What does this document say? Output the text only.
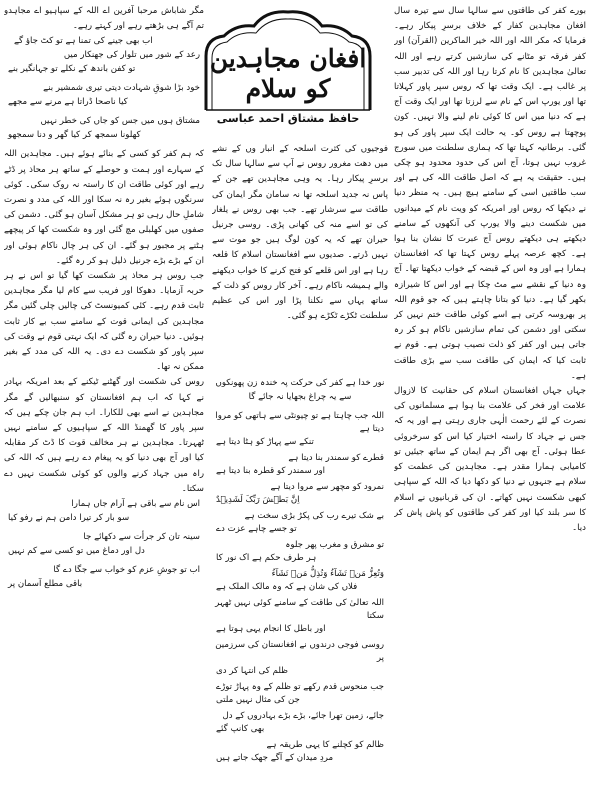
بورے کفر کی طاقتوں سے سالہا سال سے تیرہ سال افغان مجاہدین کفار کے خلاف برسرِ پیکار رہے۔ فرمایا کہ مکر اللہ اور اللہ خیر الماکرین (القرآن) اور کفر فرقہ تو مٹانے کی سازشیں کرتے رہے اور اللہ تعالیٰ مجاہدین کا نام کرتا رہا اور اللہ کی تدبیر سب پر غالب ہے۔ ایک وقت تھا کہ روس سپر پاور کہلاتا تھا اور یورپ اس کے نام سے لرزتا تھا اور ایک وقت آج ہے کہ دنیا میں اس کا کوئی نام لینے والا نہیں۔ کون پوچھتا ہے روس کو۔ یہ حالت ایک سپر پاور کی ہو گئی۔ برطانیہ کہتا تھا کہ ہماری سلطنت میں سورج غروب نہیں ہوتا، آج اس کی حدود محدود ہو چکی ہیں۔ حقیقت یہ ہے کہ اصل طاقت اللہ کی ہے اور سب طاقتیں اسی کے سامنے ہیچ ہیں۔ یہ منظر دنیا نے دیکھا کہ روس اور امریکہ کو ویت نام کے میدانوں میں شکست دینے والا یورپ کی آنکھوں کے سامنے دیکھتے ہی دیکھتے روس آج عبرت کا نشان بنا ہوا ہے۔ کچھ عرصہ پہلے روس کہتا تھا کہ افغانستان ہمارا ہے اور وہ اس کے قبضہ کے خواب دیکھتا تھا۔ آج وہ دنیا کے نقشے سے مٹ چکا ہے اور اس کا شیرازہ بکھر گیا ہے۔ دنیا کو بتانا چاہتے ہیں کہ جو قوم اللہ پر بھروسہ کرتی ہے اسے کوئی طاقت ختم نہیں کر سکتی اور دشمن کی تمام سازشیں ناکام ہو کر رہ جاتی ہیں اور کفر کو ذلت نصیب ہوتی ہے۔ قوم نے ثابت کیا کہ ایمان کی طاقت سب سے بڑی طاقت ہے۔

جہاں جہاں افغانستان اسلام کی حقانیت کا لازوال علامت اور فخر کی علامت بنا ہوا ہے مسلمانوں کی نصرت کے لئے رحمت الٰہی جاری رہتی ہے اور یہ کہ جس نے جہاد کا راستہ اختیار کیا اس کو سرخروئی عطا ہوئی۔ آج بھی اگر ہم ایمان کے ساتھ جیئیں تو کامیابی ہمارا مقدر ہے۔ مجاہدین کی عظمت کو سلام ہے جنہوں نے دنیا کو دکھا دیا کہ اللہ کے سپاہی کبھی شکست نہیں کھاتے۔ ان کی قربانیوں نے اسلام کا سر بلند کیا اور کفر کی طاقتوں کو پاش پاش کر دیا۔

افغان مجاہدین کو سلام
حافظ مشتاق احمد عباسی

فوجیوں کی کثرت اسلحہ کے انبار وں کے نشے میں دھت مغرور روس نے آپ سے سالہا سال تک برسرِ پیکار رہا۔ یہ وہی مجاہدین تھے جن کے پاس نہ جدید اسلحہ تھا نہ سامان مگر ایمان کی طاقت سے سرشار تھے۔ جب بھی روس نے یلغار کی تو اسے منہ کی کھانی پڑی۔ روسی جرنیل حیران تھے کہ یہ کون لوگ ہیں جو موت سے نہیں ڈرتے۔ صدیوں سے افغانستان اسلام کا قلعہ رہا ہے اور اس قلعے کو فتح کرنے کا خواب دیکھنے والے ہمیشہ ناکام رہے۔ آخر کار روس کو ذلت کے ساتھ یہاں سے نکلنا پڑا اور اس کی عظیم سلطنت ٹکڑے ٹکڑے ہو گئی۔

نور خدا ہے کفر کی حرکت پہ خندہ زن پھونکوں سے یہ چراغ بجھایا نہ جائے گا

اللہ جب چاہتا ہے تو چیونٹی سے ہاتھی کو مروا دیتا ہے

تنکے سے پہاڑ کو ہٹا دیتا ہے

قطرے کو سمندر بنا دیتا ہے

اور سمندر کو قطرہ بنا دیتا ہے

نمرود کو مچھر سے مروا دیتا ہے

اِنَّ بَطۡشَ رَبِّکَ لَشَدِیۡدٌ

بے شک تیرے رب کی پکڑ بڑی سخت ہے

تو جسے چاہے عزت دے

تو مشرق و مغرب پھر جلوہ

ہر طرف حکم ہے اک نور کا

وَتُعِزُّ مَنۡ تَشَآءُ وَتُذِلُّ مَنۡ تَشَآءُ

فلاں کی شان ہے کہ وہ مالک الملک ہے

اللہ تعالیٰ کی طاقت کے سامنے کوئی نہیں ٹھہر سکتا

اور باطل کا انجام یہی ہوتا ہے

روسی فوجی درندوں نے افغانستان کی سرزمین پر

ظلم کی انتہا کر دی

جب منحوس قدم رکھے تو ظلم کے وہ پہاڑ توڑے

جن کی مثال نہیں ملتی

جائے، زمین تھرا جائے، بڑے بڑے بہادروں کے دل

بھی کانپ گئے

ظالم کو کچلنے کا یہی طریقہ ہے

مردِ میدان کے آگے جھک جاتے ہیں

مگر شاباش مرحبا آفرین اے اللہ کے سپاہیو اے مجاہدو تم آگے ہی بڑھتے رہے اور کہتے رہے۔

اب بھی جینے کی تمنا ہے تو کٹ جاؤ گے

رعد کے شور میں تلوار کی جھنکار میں

تو کفن باندھ کے نکلے تو جہانگیر بنے

خود بڑا شوقِ شہادت دیتی تیری شمشیر بنے

کیا ناصحا ڈراتا ہے مرنے سے مجھے

مشتاق ہوں میں جس کو جاں کی خطر نہیں

کھلونا سمجھ کر کیا گھر و دنا سمجھو

کہ ہم کفر کو کسی کے بنائے ہوئے ہیں۔ مجاہدین اللہ کے سہارے اور ہمت و حوصلے کے ساتھ ہر محاذ پر ڈٹے رہے اور کوئی طاقت ان کا راستہ نہ روک سکی۔ کوئی سرنگوں ہوئے بغیر رہ نہ سکا اور اللہ کی مدد و نصرت شاملِ حال رہی تو ہر مشکل آسان ہو گئی۔ دشمن کی صفوں میں کھلبلی مچ گئی اور وہ شکست کھا کر پیچھے ہٹنے پر مجبور ہو گئے۔ ان کی ہر چال ناکام ہوئی اور ان کے بڑے بڑے جرنیل ذلیل ہو کر رہ گئے۔

جب روس ہر محاذ پر شکست کھا گیا تو اس نے ہر حربہ آزمایا۔ دھوکا اور فریب سے کام لیا مگر مجاہدین ثابت قدم رہے۔ کئی کمیونسٹ کی چالیں چلی گئیں مگر مجاہدین کی ایمانی قوت کے سامنے سب بے کار ثابت ہوئیں۔ دنیا حیران رہ گئی کہ ایک نہتی قوم نے وقت کی سپر پاور کو شکست دے دی۔ یہ اللہ کی مدد کے بغیر ممکن نہ تھا۔

روس کی شکست اور گھٹنے ٹیکنے کے بعد امریکہ بہادر نے کہا کہ اب ہم افغانستان کو سنبھالیں گے مگر مجاہدین نے اسے بھی للکارا۔ اب ہم جان چکے ہیں کہ سپر پاور کا گھمنڈ اللہ کے سپاہیوں کے سامنے نہیں ٹھہرتا۔ مجاہدین نے ہر مخالف قوت کا ڈٹ کر مقابلہ کیا اور آج بھی دنیا کو یہ پیغام دے رہے ہیں کہ اللہ کی راہ میں جہاد کرنے والوں کو کوئی شکست نہیں دے سکتا۔

اس نام سے باقی ہے آرام جاں ہمارا

سو بار کر تیرا دامن ہم نے رفو کیا

سینہ تان کر جرأت سے دکھائے جا

دل اور دماغ میں تو کسی سے کم نہیں

اب تو جوشِ عزم کو خواب سے جگا دے گا

باقی مطلع آسمان پر
